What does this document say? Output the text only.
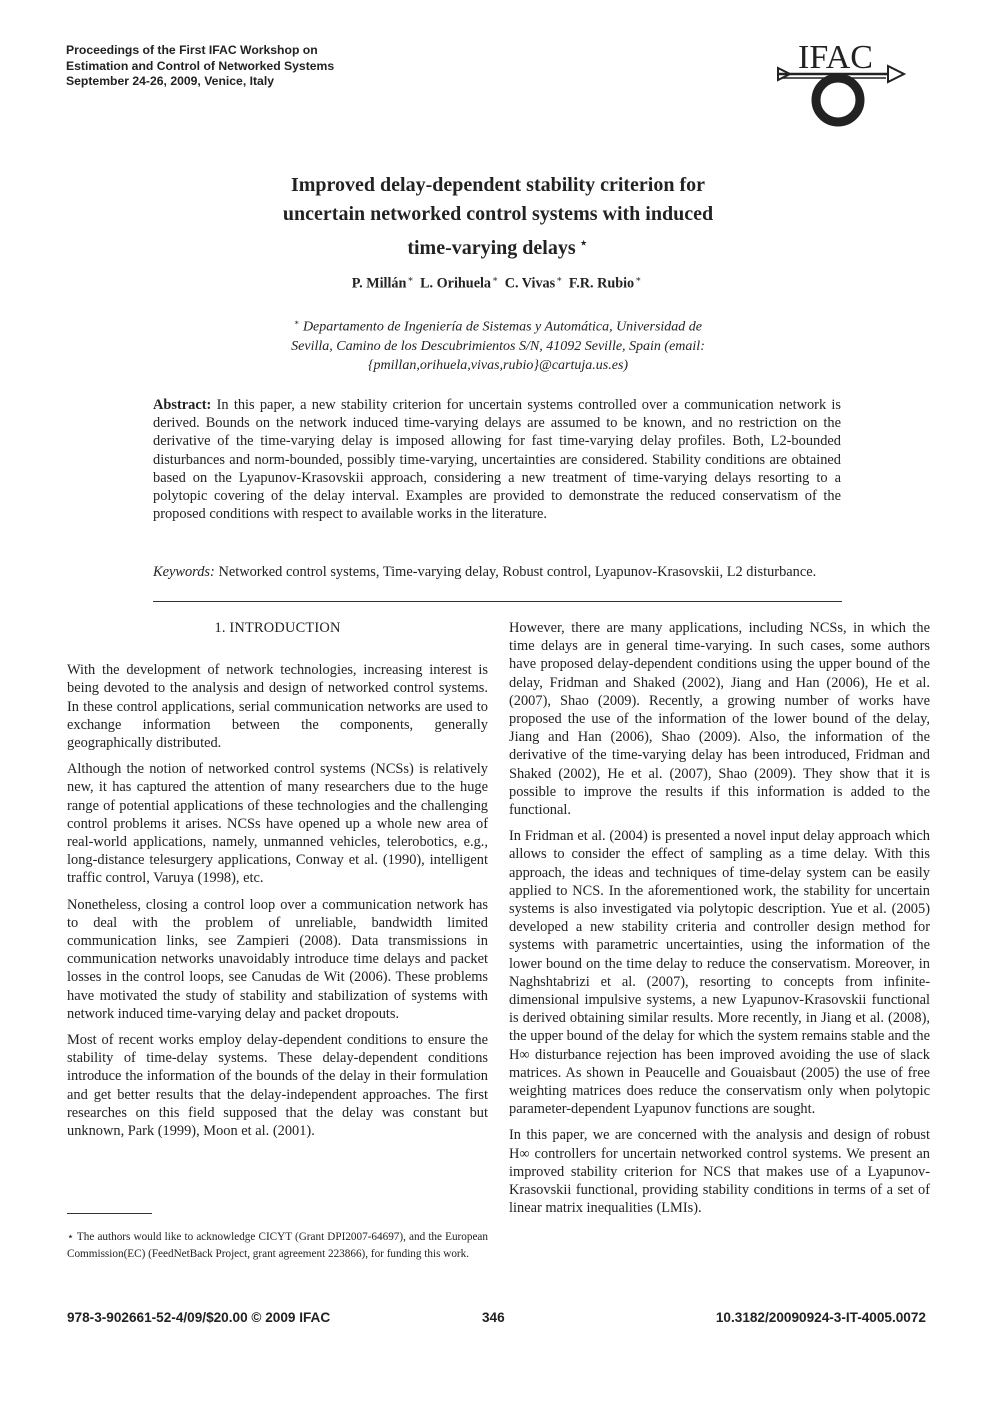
Proceedings of the First IFAC Workshop on
Estimation and Control of Networked Systems
September 24-26, 2009, Venice, Italy
IFAC
Improved delay-dependent stability criterion for
uncertain networked control systems with induced
time-varying delays ⋆
P. Millán∗ L. Orihuela∗ C. Vivas∗ F.R. Rubio∗
∗ Departamento de Ingeniería de Sistemas y Automática, Universidad de
Sevilla, Camino de los Descubrimientos S/N, 41092 Seville, Spain (email:
{pmillan,orihuela,vivas,rubio}@cartuja.us.es)
Abstract: In this paper, a new stability criterion for uncertain systems controlled over a communication network is derived. Bounds on the network induced time-varying delays are assumed to be known, and no restriction on the derivative of the time-varying delay is imposed allowing for fast time-varying delay profiles. Both, L2-bounded disturbances and norm-bounded, possibly time-varying, uncertainties are considered. Stability conditions are obtained based on the Lyapunov-Krasovskii approach, considering a new treatment of time-varying delays resorting to a polytopic covering of the delay interval. Examples are provided to demonstrate the reduced conservatism of the proposed conditions with respect to available works in the literature.
Keywords: Networked control systems, Time-varying delay, Robust control, Lyapunov-Krasovskii, L2 disturbance.
1. INTRODUCTION

With the development of network technologies, increasing interest is being devoted to the analysis and design of networked control systems. In these control applications, serial communication networks are used to exchange information between the components, generally geographically distributed.

Although the notion of networked control systems (NCSs) is relatively new, it has captured the attention of many researchers due to the huge range of potential applications of these technologies and the challenging control problems it arises. NCSs have opened up a whole new area of real-world applications, namely, unmanned vehicles, telerobotics, e.g., long-distance telesurgery applications, Conway et al. (1990), intelligent traffic control, Varuya (1998), etc.

Nonetheless, closing a control loop over a communication network has to deal with the problem of unreliable, bandwidth limited communication links, see Zampieri (2008). Data transmissions in communication networks unavoidably introduce time delays and packet losses in the control loops, see Canudas de Wit (2006). These problems have motivated the study of stability and stabilization of systems with network induced time-varying delay and packet dropouts.

Most of recent works employ delay-dependent conditions to ensure the stability of time-delay systems. These delay-dependent conditions introduce the information of the bounds of the delay in their formulation and get better results that the delay-independent approaches. The first researches on this field supposed that the delay was constant but unknown, Park (1999), Moon et al. (2001).

⋆ The authors would like to acknowledge CICYT (Grant DPI2007-64697), and the European Commission(EC) (FeedNetBack Project, grant agreement 223866), for funding this work.

However, there are many applications, including NCSs, in which the time delays are in general time-varying. In such cases, some authors have proposed delay-dependent conditions using the upper bound of the delay, Fridman and Shaked (2002), Jiang and Han (2006), He et al. (2007), Shao (2009). Recently, a growing number of works have proposed the use of the information of the lower bound of the delay, Jiang and Han (2006), Shao (2009). Also, the information of the derivative of the time-varying delay has been introduced, Fridman and Shaked (2002), He et al. (2007), Shao (2009). They show that it is possible to improve the results if this information is added to the functional.

In Fridman et al. (2004) is presented a novel input delay approach which allows to consider the effect of sampling as a time delay. With this approach, the ideas and techniques of time-delay system can be easily applied to NCS. In the aforementioned work, the stability for uncertain systems is also investigated via polytopic description. Yue et al. (2005) developed a new stability criteria and controller design method for systems with parametric uncertainties, using the information of the lower bound on the time delay to reduce the conservatism. Moreover, in Naghshtabrizi et al. (2007), resorting to concepts from infinite-dimensional impulsive systems, a new Lyapunov-Krasovskii functional is derived obtaining similar results. More recently, in Jiang et al. (2008), the upper bound of the delay for which the system remains stable and the H∞ disturbance rejection has been improved avoiding the use of slack matrices. As shown in Peaucelle and Gouaisbaut (2005) the use of free weighting matrices does reduce the conservatism only when polytopic parameter-dependent Lyapunov functions are sought.

In this paper, we are concerned with the analysis and design of robust H∞ controllers for uncertain networked control systems. We present an improved stability criterion for NCS that makes use of a Lyapunov-Krasovskii functional, providing stability conditions in terms of a set of linear matrix inequalities (LMIs).

978-3-902661-52-4/09/$20.00 © 2009 IFAC	346	10.3182/20090924-3-IT-4005.0072
